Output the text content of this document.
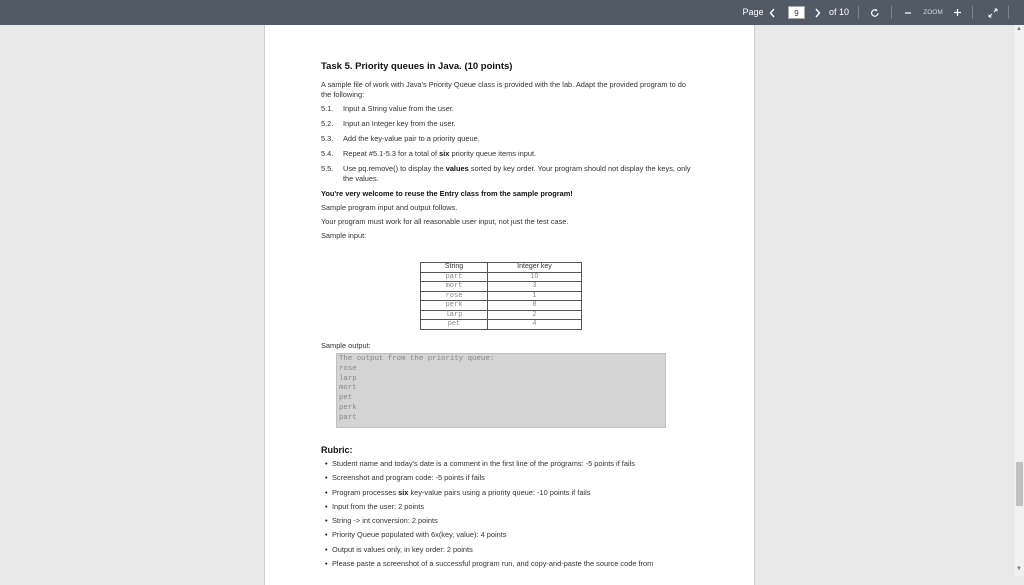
Page	9	of 10	ZOOM
Task 5. Priority queues in Java. (10 points)
A sample file of work with Java's Priority Queue class is provided with the lab. Adapt the provided program to do the following:
5.1.	Input a String value from the user.
5.2.	Input an Integer key from the user.
5.3.	Add the key-value pair to a priority queue.
5.4.	Repeat #5.1-5.3 for a total of six priority queue items input.
5.5.	Use pq.remove() to display the values sorted by key order. Your program should not display the keys, only the values.
You're very welcome to reuse the Entry class from the sample program!
Sample program input and output follows.
Your program must work for all reasonable user input, not just the test case.
Sample input:
String	Integer key
part	10
mort	3
rose	1
perk	8
larp	2
pet	4
Sample output:
The output from the priority queue:
rose
larp
mort
pet
perk
part
Rubric:
• Student name and today's date is a comment in the first line of the programs: -5 points if fails
• Screenshot and program code: -5 points if fails
• Program processes six key-value pairs using a priority queue: -10 points if fails
• Input from the user: 2 points
• String -> int conversion: 2 points
• Priority Queue populated with 6x(key, value): 4 points
• Output is values only, in key order: 2 points
• Please paste a screenshot of a successful program run, and copy-and-paste the source code from
▲
▼
